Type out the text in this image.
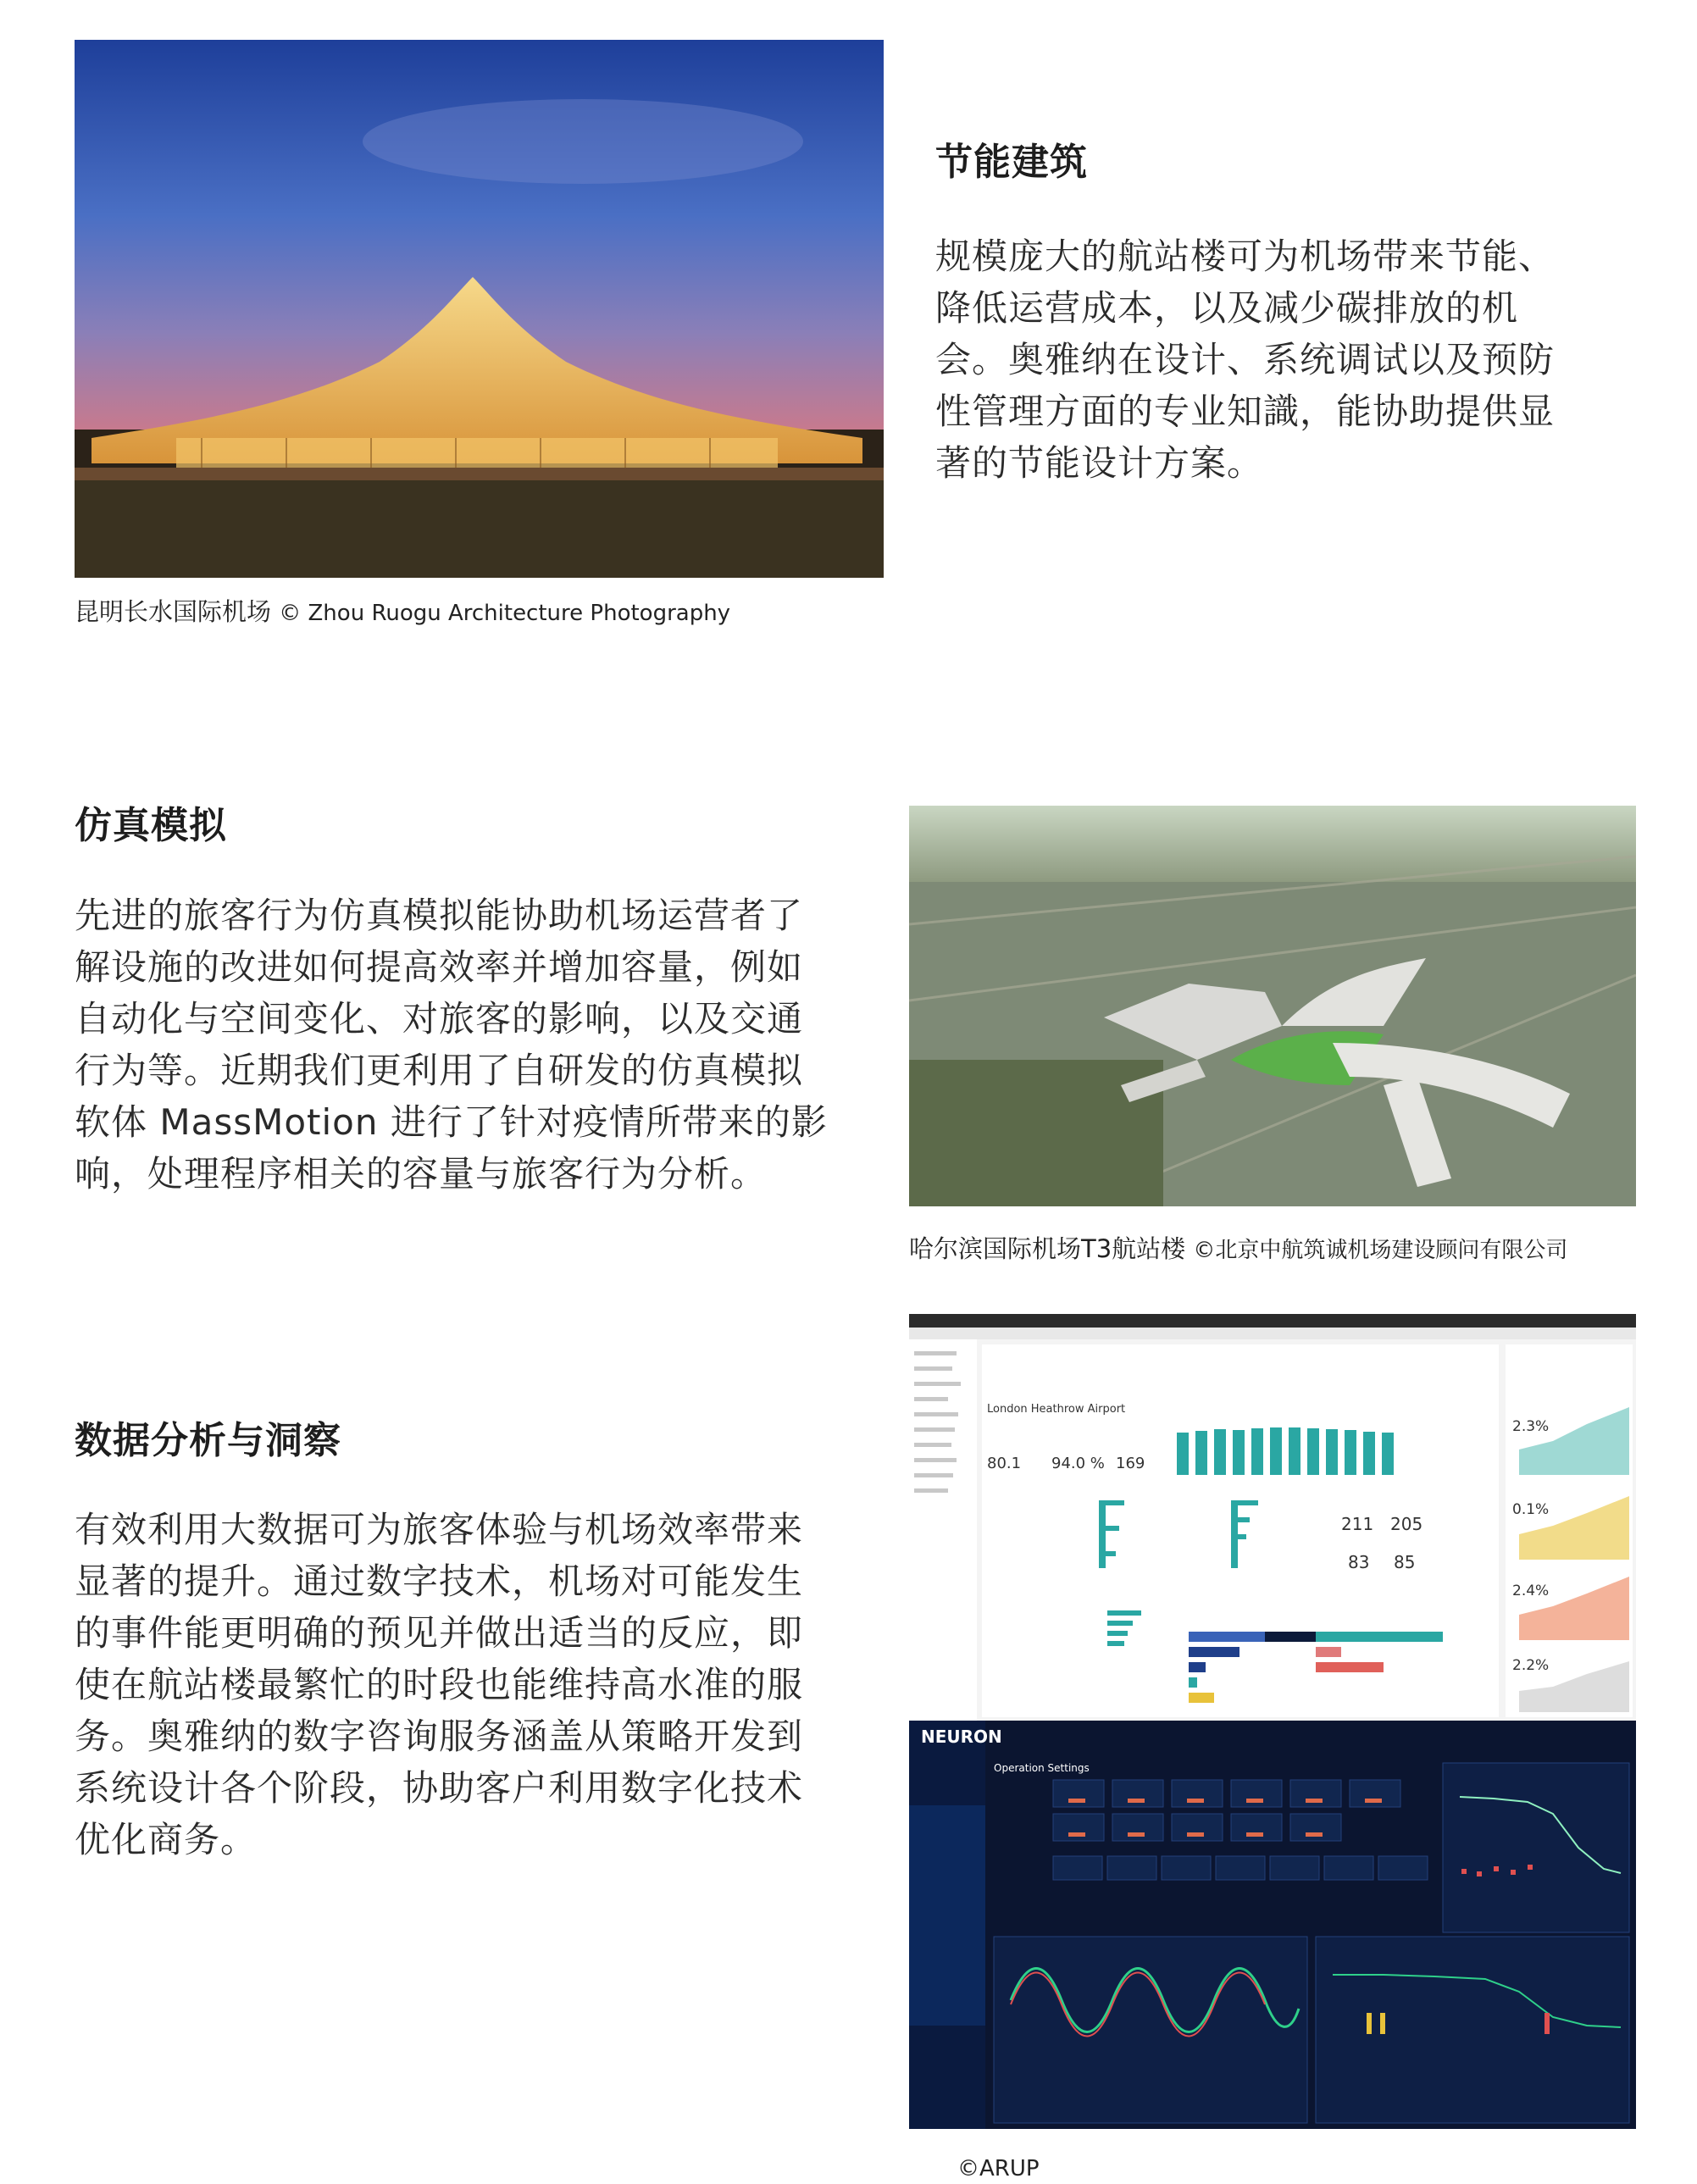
昆明长水国际机场 © Zhou Ruogu Architecture Photography
节能建筑
规模庞大的航站楼可为机场带来节能、
降低运营成本，以及减少碳排放的机
会。奥雅纳在设计、系统调试以及预防
性管理方面的专业知識，能协助提供显
著的节能设计方案。
仿真模拟
先进的旅客行为仿真模拟能协助机场运营者了
解设施的改进如何提高效率并增加容量，例如
自动化与空间变化、对旅客的影响，以及交通
行为等。近期我们更利用了自研发的仿真模拟
软体 MassMotion 进行了针对疫情所带来的影
响，处理程序相关的容量与旅客行为分析。
哈尔滨国际机场T3航站楼 ©北京中航筑诚机场建设顾问有限公司
数据分析与洞察
有效利用大数据可为旅客体验与机场效率带来
显著的提升。通过数字技术，机场对可能发生
的事件能更明确的预见并做出适当的反应，即
使在航站楼最繁忙的时段也能维持高水准的服
务。奥雅纳的数字咨询服务涵盖从策略开发到
系统设计各个阶段，协助客户利用数字化技术
优化商务。
London Heathrow Airport
80.1 94.0 % 169
211 205
83 85
2.3%
0.1%
2.4%
2.2%
NEURON
Operation Settings
©ARUP
